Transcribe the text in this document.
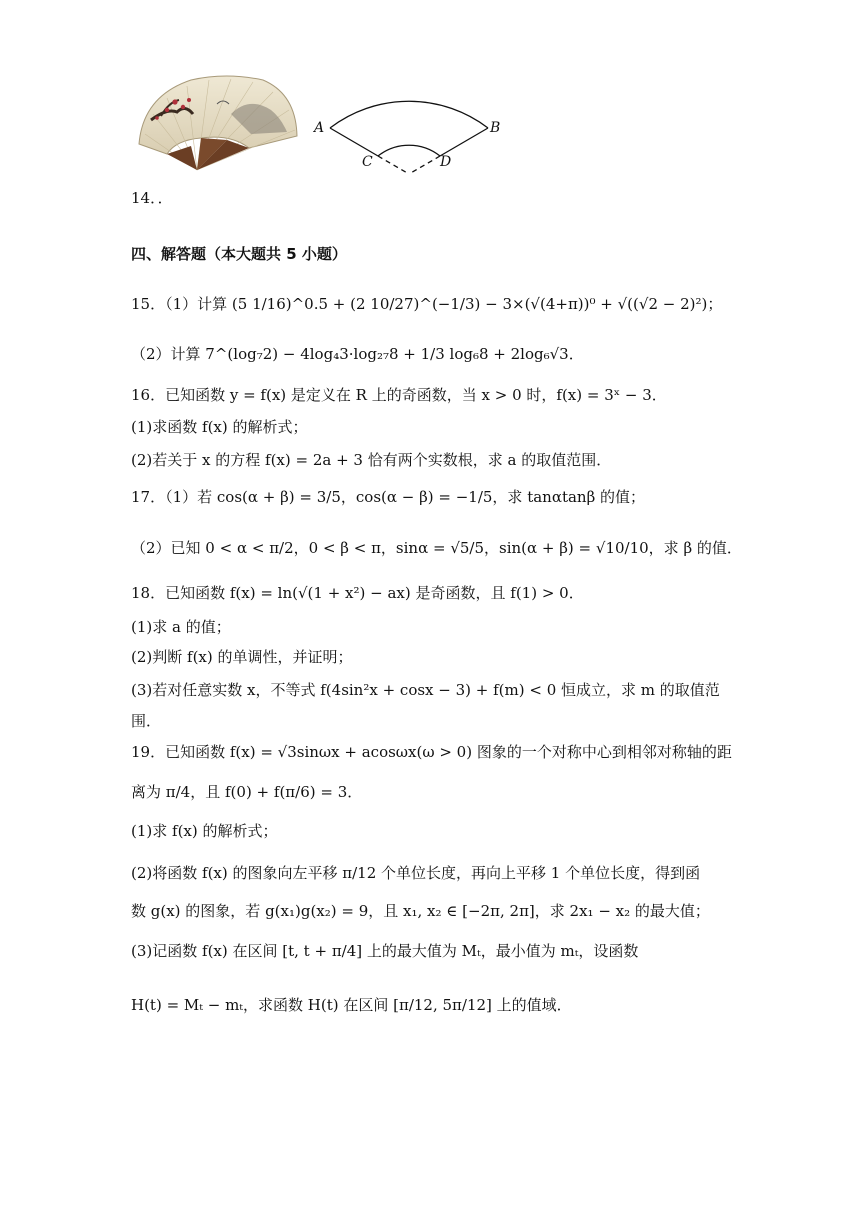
A	B
C	D
14．．
四、解答题（本大题共 5 小题）
15．（1）计算 (5 1/16)^0.5 + (2 10/27)^(−1/3) − 3×(√(4+π))⁰ + √((√2 − 2)²)；
（2）计算 7^(log₇2) − 4log₄3·log₂₇8 + 1/3 log₆8 + 2log₆√3．
16．已知函数 y = f(x) 是定义在 R 上的奇函数，当 x > 0 时，f(x) = 3ˣ − 3．
(1)求函数 f(x) 的解析式；
(2)若关于 x 的方程 f(x) = 2a + 3 恰有两个实数根，求 a 的取值范围．
17．（1）若 cos(α + β) = 3/5，cos(α − β) = −1/5，求 tanαtanβ 的值；
（2）已知 0 < α < π/2，0 < β < π，sinα = √5/5，sin(α + β) = √10/10，求 β 的值．
18．已知函数 f(x) = ln(√(1 + x²) − ax) 是奇函数，且 f(1) > 0．
(1)求 a 的值；
(2)判断 f(x) 的单调性，并证明；
(3)若对任意实数 x，不等式 f(4sin²x + cosx − 3) + f(m) < 0 恒成立，求 m 的取值范
围．
19．已知函数 f(x) = √3sinωx + acosωx(ω > 0) 图象的一个对称中心到相邻对称轴的距
离为 π/4，且 f(0) + f(π/6) = 3．
(1)求 f(x) 的解析式；
(2)将函数 f(x) 的图象向左平移 π/12 个单位长度，再向上平移 1 个单位长度，得到函
数 g(x) 的图象，若 g(x₁)g(x₂) = 9，且 x₁, x₂ ∈ [−2π, 2π]，求 2x₁ − x₂ 的最大值；
(3)记函数 f(x) 在区间 [t, t + π/4] 上的最大值为 Mₜ，最小值为 mₜ，设函数
H(t) = Mₜ − mₜ，求函数 H(t) 在区间 [π/12, 5π/12] 上的值域．
